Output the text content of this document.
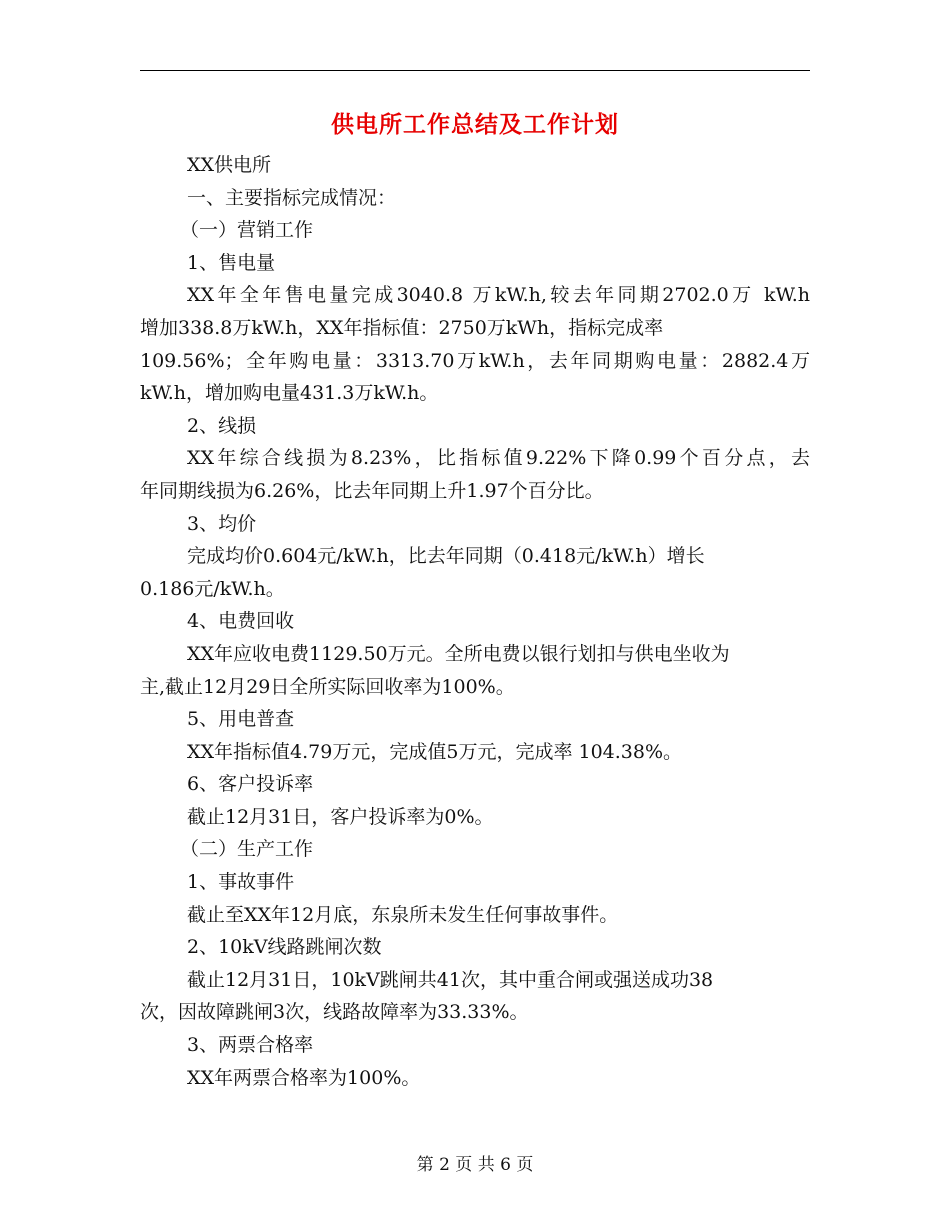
供电所工作总结及工作计划
XX供电所
一、主要指标完成情况：
（一）营销工作
1、售电量
XX年全年售电量完成3040.8 万kW.h,较去年同期2702.0万 kW.h
增加338.8万kW.h，XX年指标值：2750万kWh，指标完成率
109.56%；全年购电量：3313.70万kW.h，去年同期购电量：2882.4万
kW.h，增加购电量431.3万kW.h。
2、线损
XX年综合线损为8.23%，比指标值9.22%下降0.99个百分点，去
年同期线损为6.26%，比去年同期上升1.97个百分比。
3、均价
完成均价0.604元/kW.h，比去年同期（0.418元/kW.h）增长
0.186元/kW.h。
4、电费回收
XX年应收电费1129.50万元。全所电费以银行划扣与供电坐收为
主,截止12月29日全所实际回收率为100%。
5、用电普查
XX年指标值4.79万元，完成值5万元，完成率 104.38%。
6、客户投诉率
截止12月31日，客户投诉率为0%。
（二）生产工作
1、事故事件
截止至XX年12月底，东泉所未发生任何事故事件。
2、10kV线路跳闸次数
截止12月31日，10kV跳闸共41次，其中重合闸或强送成功38
次，因故障跳闸3次，线路故障率为33.33%。
3、两票合格率
XX年两票合格率为100%。
第 2 页 共 6 页
